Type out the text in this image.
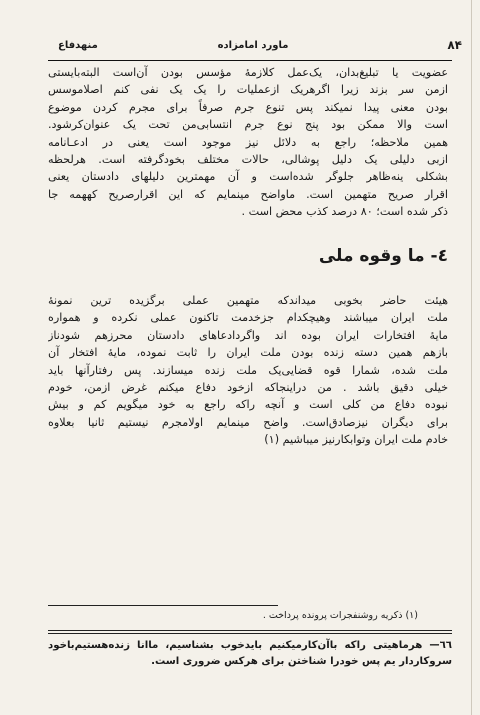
٨۴
ماورد امامزاده
منهدفاع
عضویت یا تبلیغ‌بدان، یک‌عمل کلازمهٔ مؤسس بودن آن‌است البته‌بایستی
ازمن سر بزند زیرا اگرهریک ازعملیات را یک یک نفی کنم اصلاموسس
بودن معنی پیدا نمیکند پس تنوع جرم صرفاً برای مجرم کردن موضوع
است والا ممکن بود پنج نوع جرم انتسابی‌من تحت یک عنوان‌کرشود.
همین ملاحظه؛ راجع به دلائل نیز موجود است یعنی در ادعـانامه
ازبی دلیلی یک دلیل پوشالی، حالات مختلف بخودگرفته است. هرلحظه
بشکلی ینه‌ظاهر جلوگر شده‌است و آن مهمترین دلیلهای دادستان یعنی
اقرار صریح متهمین است. ماواضح مینمایم که این اقرارصریح کههمه جا
ذکر شده است؛ ٨٠ درصد کذب محض است .
٤- ما وقوه ملی
هیئت حاضر بخوبی میداند‌که متهمین عملی برگزیده ترین نمونهٔ
ملت ایران میباشند وهیچکدام جزخدمت تاکنون عملی نکرده و همواره
مایهٔ افتخارات ایران بوده اند واگردادعاهای دادستان محرزهم شودناز
بازهم همین دسته زنده بودن ملت ایران را ثابت نموده، مایهٔ افتخار آن
ملت شده، شمارا قوه قضایی‌یک ملت زنده میسازند. پس رفتارآنها باید
خیلی دقیق باشد . من دراینجاکه ازخود دفاع میکنم غرض ازمن، خودم
نبوده دفاع من کلی است و آنچه راکه راجع به خود میگویم کم و بیش
برای دیگران نیزصادق‌است. واضح مینمایم اولامجرم نیستیم ثانیا بعلاوه
خادم ملت ایران وتوابکارنیز میباشیم (١)
(١) ذکریه روشنفجرات پرونده پرداخت .
٦٦— هرماهیتی راکه باآن‌کارمیکنیم بایدخوب بشناسیم، ماانا زنده‌هستیم‌باخود
سروکاردار یم پس خودرا شناختن برای هرکس ضروری است.
